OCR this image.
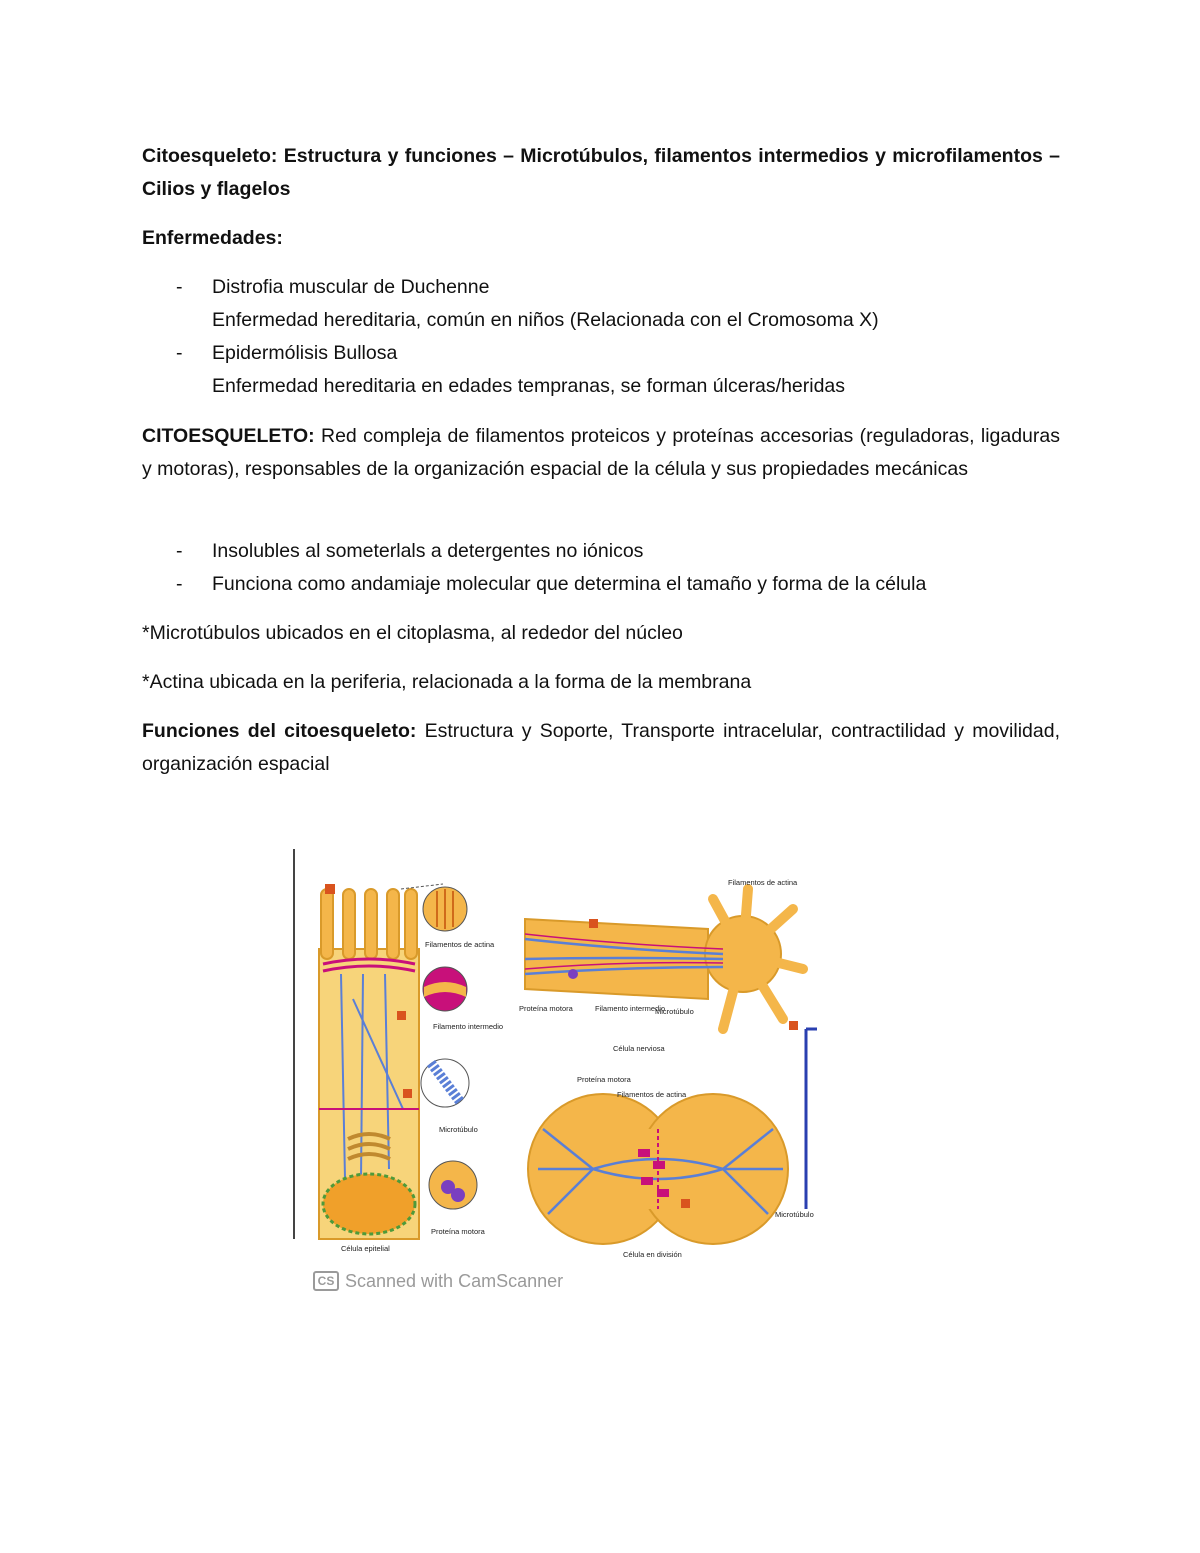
Citoesqueleto: Estructura y funciones – Microtúbulos, filamentos intermedios y microfilamentos – Cilios y flagelos
Enfermedades:
- Distrofia muscular de Duchenne
Enfermedad hereditaria, común en niños (Relacionada con el Cromosoma X)
- Epidermólisis Bullosa
Enfermedad hereditaria en edades tempranas, se forman úlceras/heridas
CITOESQUELETO: Red compleja de filamentos proteicos y proteínas accesorias (reguladoras, ligaduras y motoras), responsables de la organización espacial de la célula y sus propiedades mecánicas
- Insolubles al someterlals a detergentes no iónicos
- Funciona como andamiaje molecular que determina el tamaño y forma de la célula
*Microtúbulos ubicados en el citoplasma, al rededor del núcleo
*Actina ubicada en la periferia, relacionada a la forma de la membrana
Funciones del citoesqueleto: Estructura y Soporte, Transporte intracelular, contractilidad y movilidad, organización espacial
Filamentos de actina
Filamento intermedio
Microtúbulo
Proteína motora
Célula epitelial
Filamentos de actina
Proteína motora	Filamento intermedio
Microtúbulo
Célula nerviosa
Proteína motora
Filamentos de actina
Microtúbulo
Célula en división
CS Scanned with CamScanner
